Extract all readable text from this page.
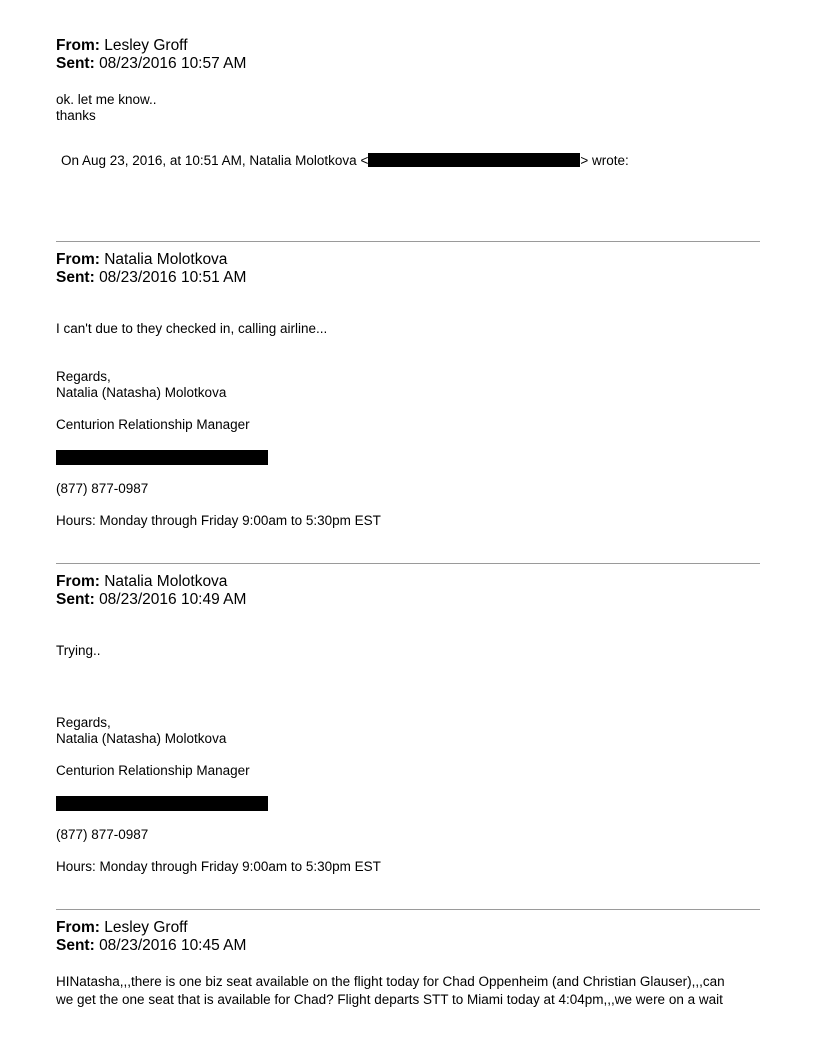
From: Lesley Groff
Sent: 08/23/2016 10:57 AM
ok. let me know..
thanks
On Aug 23, 2016, at 10:51 AM, Natalia Molotkova <	> wrote:
From: Natalia Molotkova
Sent: 08/23/2016 10:51 AM
I can't due to they checked in, calling airline...
Regards,
Natalia (Natasha) Molotkova
Centurion Relationship Manager
(877) 877-0987
Hours: Monday through Friday 9:00am to 5:30pm EST
From: Natalia Molotkova
Sent: 08/23/2016 10:49 AM
Trying..
Regards,
Natalia (Natasha) Molotkova
Centurion Relationship Manager
(877) 877-0987
Hours: Monday through Friday 9:00am to 5:30pm EST
From: Lesley Groff
Sent: 08/23/2016 10:45 AM
HINatasha,,,there is one biz seat available on the flight today for Chad Oppenheim (and Christian Glauser),,,can
we get the one seat that is available for Chad? Flight departs STT to Miami today at 4:04pm,,,we were on a wait
